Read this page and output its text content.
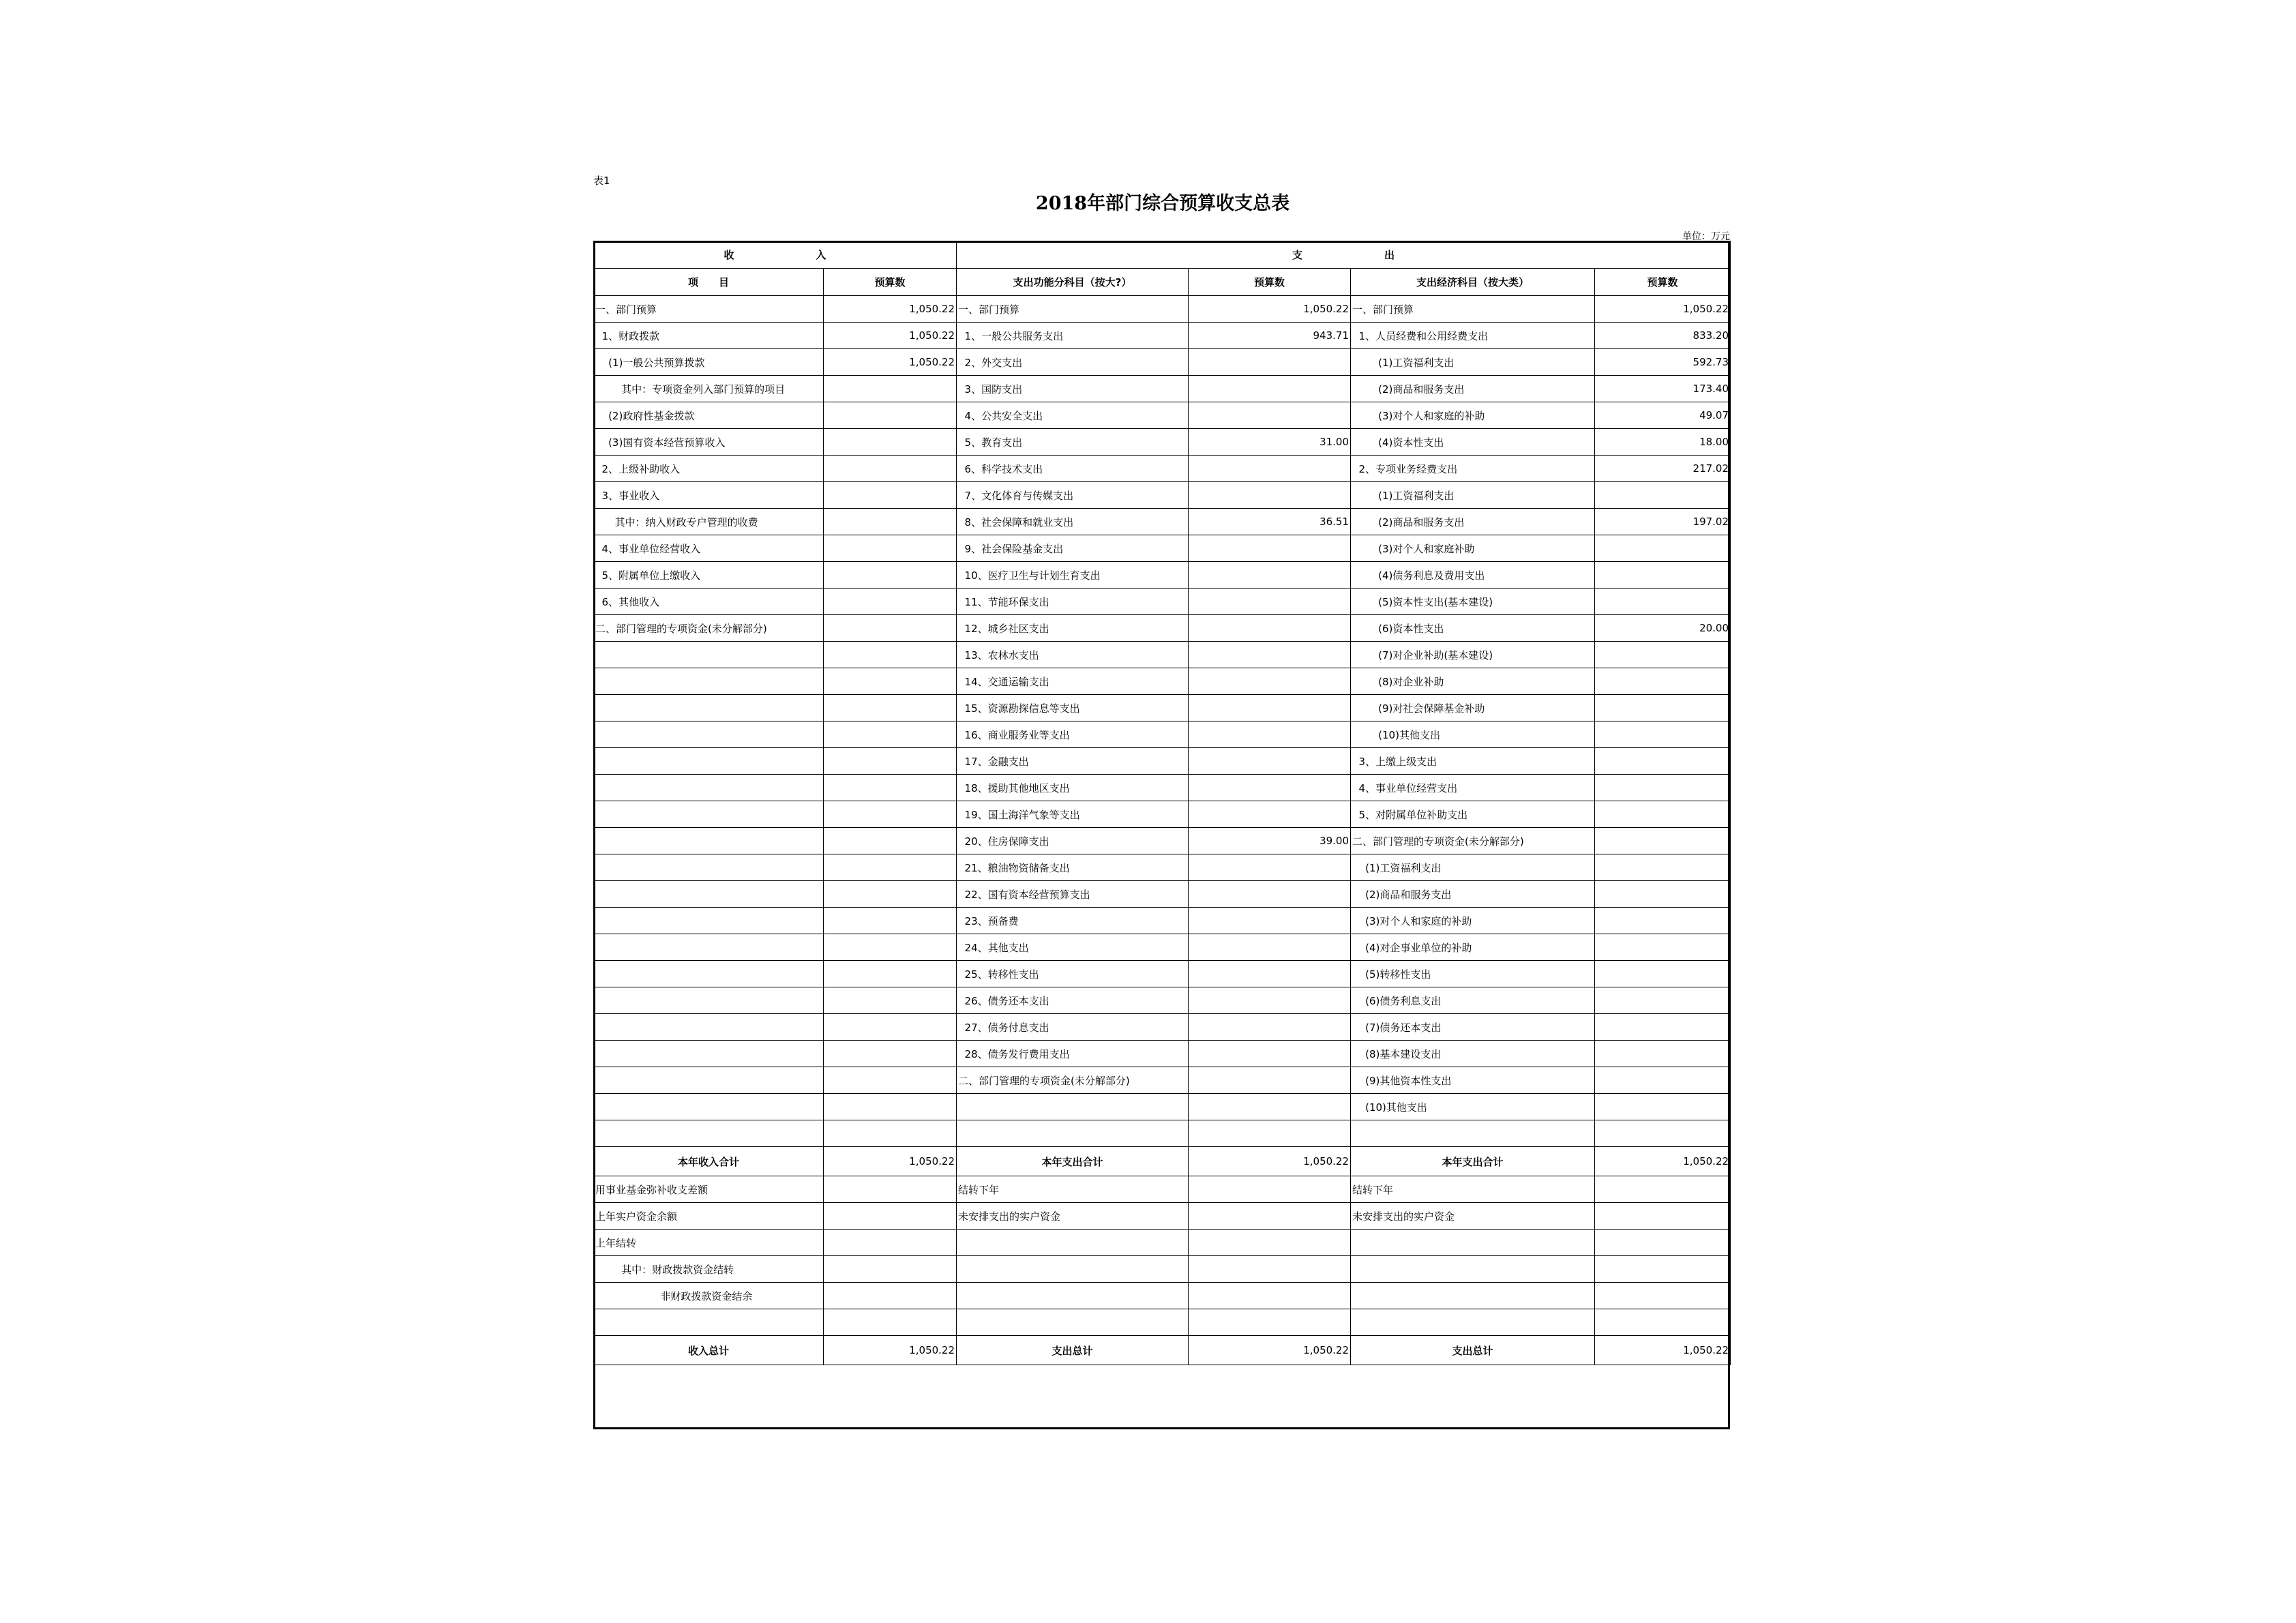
表1
2018年部门综合预算收支总表
单位：万元
收　　　　　　　　入		支　　　　　　　　出			
项　　目	预算数	支出功能分科目（按大?）	预算数	支出经济科目（按大类）	预算数
一、部门预算	1,050.22	一、部门预算	1,050.22	一、部门预算	1,050.22
1、财政拨款	1,050.22	1、一般公共服务支出	943.71	1、人员经费和公用经费支出	833.20
(1)一般公共预算拨款	1,050.22	2、外交支出		(1)工资福利支出	592.73
其中：专项资金列入部门预算的项目		3、国防支出		(2)商品和服务支出	173.40
(2)政府性基金拨款		4、公共安全支出		(3)对个人和家庭的补助	49.07
(3)国有资本经营预算收入		5、教育支出	31.00	(4)资本性支出	18.00
2、上级补助收入		6、科学技术支出		2、专项业务经费支出	217.02
3、事业收入		7、文化体育与传媒支出		(1)工资福利支出	
其中：纳入财政专户管理的收费		8、社会保障和就业支出	36.51	(2)商品和服务支出	197.02
4、事业单位经营收入		9、社会保险基金支出		(3)对个人和家庭补助	
5、附属单位上缴收入		10、医疗卫生与计划生育支出		(4)债务利息及费用支出	
6、其他收入		11、节能环保支出		(5)资本性支出(基本建设)	
二、部门管理的专项资金(未分解部分)		12、城乡社区支出		(6)资本性支出	20.00
		13、农林水支出		(7)对企业补助(基本建设)	
		14、交通运输支出		(8)对企业补助	
		15、资源勘探信息等支出		(9)对社会保障基金补助	
		16、商业服务业等支出		(10)其他支出	
		17、金融支出		3、上缴上级支出	
		18、援助其他地区支出		4、事业单位经营支出	
		19、国土海洋气象等支出		5、对附属单位补助支出	
		20、住房保障支出	39.00	二、部门管理的专项资金(未分解部分)	
		21、粮油物资储备支出		(1)工资福利支出	
		22、国有资本经营预算支出		(2)商品和服务支出	
		23、预备费		(3)对个人和家庭的补助	
		24、其他支出		(4)对企事业单位的补助	
		25、转移性支出		(5)转移性支出	
		26、债务还本支出		(6)债务利息支出	
		27、债务付息支出		(7)债务还本支出	
		28、债务发行费用支出		(8)基本建设支出	
		二、部门管理的专项资金(未分解部分)		(9)其他资本性支出	
				(10)其他支出	

本年收入合计	1,050.22	本年支出合计	1,050.22	本年支出合计	1,050.22
用事业基金弥补收支差额		结转下年		结转下年	
上年实户资金余额		未安排支出的实户资金		未安排支出的实户资金	
上年结转					
其中：财政拨款资金结转					
非财政拨款资金结余					

收入总计	1,050.22	支出总计	1,050.22	支出总计	1,050.22
